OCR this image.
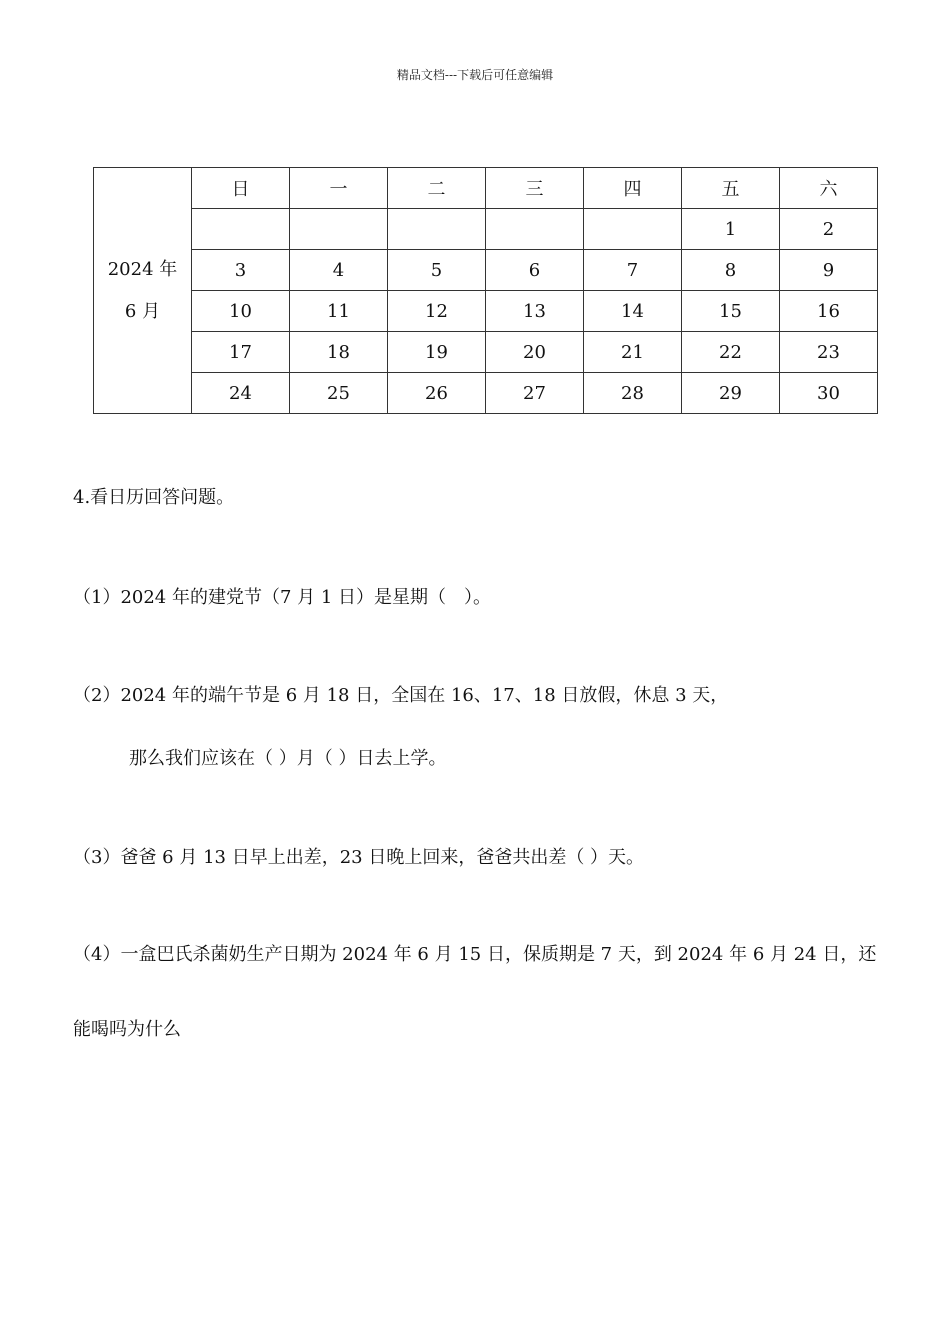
精品文档---下载后可任意编辑
2024 年
6 月	日	一	二	三	四	五	六
						1	2
	3	4	5	6	7	8	9
	10	11	12	13	14	15	16
	17	18	19	20	21	22	23
	24	25	26	27	28	29	30
4.看日历回答问题。
（1）2024 年的建党节（7 月 1 日）是星期（　）。
（2）2024 年的端午节是 6 月 18 日，全国在 16、17、18 日放假，休息 3 天，
那么我们应该在（ ）月（ ）日去上学。
（3）爸爸 6 月 13 日早上出差，23 日晚上回来，爸爸共出差（ ）天。
（4）一盒巴氏杀菌奶生产日期为 2024 年 6 月 15 日，保质期是 7 天，到 2024 年 6 月 24 日，还
能喝吗为什么
